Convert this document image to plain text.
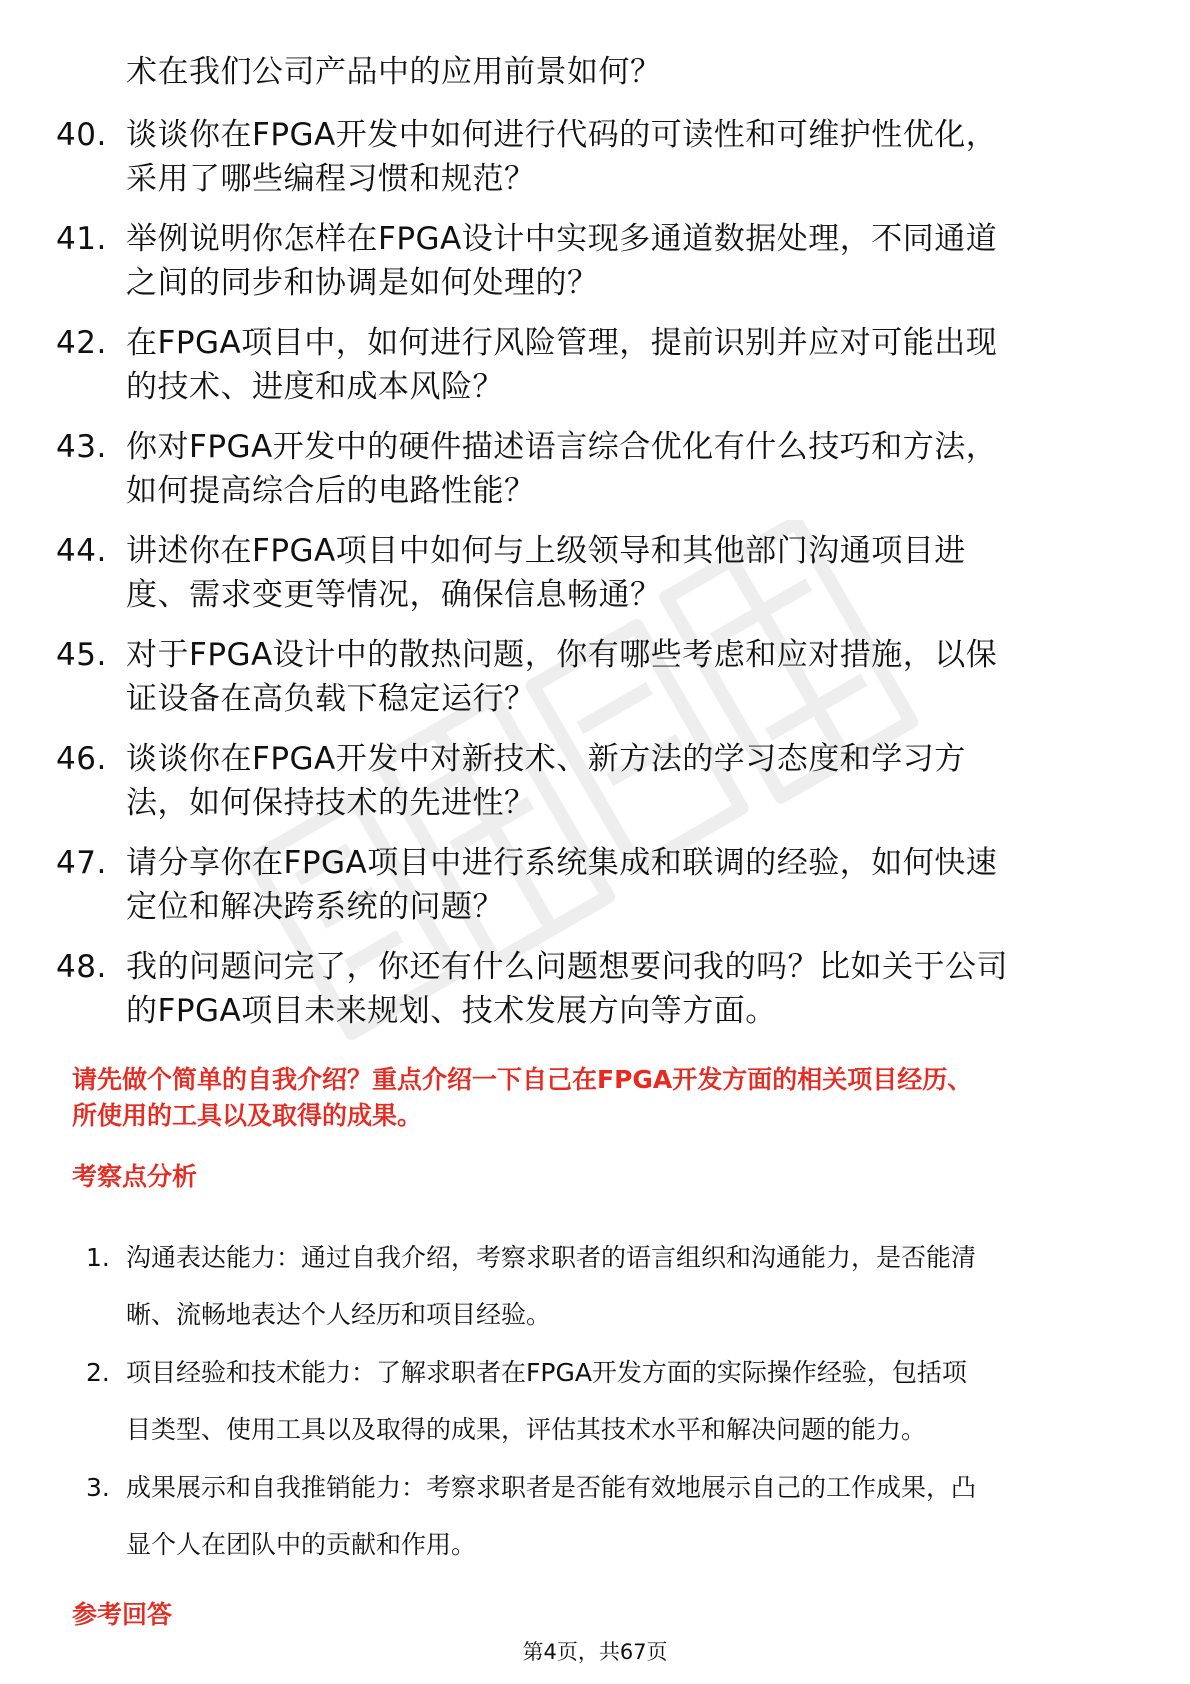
术在我们公司产品中的应用前景如何？
40. 谈谈你在FPGA开发中如何进行代码的可读性和可维护性优化，
采用了哪些编程习惯和规范？
41. 举例说明你怎样在FPGA设计中实现多通道数据处理，不同通道
之间的同步和协调是如何处理的？
42. 在FPGA项目中，如何进行风险管理，提前识别并应对可能出现
的技术、进度和成本风险？
43. 你对FPGA开发中的硬件描述语言综合优化有什么技巧和方法，
如何提高综合后的电路性能？
44. 讲述你在FPGA项目中如何与上级领导和其他部门沟通项目进
度、需求变更等情况，确保信息畅通？
45. 对于FPGA设计中的散热问题，你有哪些考虑和应对措施，以保
证设备在高负载下稳定运行？
46. 谈谈你在FPGA开发中对新技术、新方法的学习态度和学习方
法，如何保持技术的先进性？
47. 请分享你在FPGA项目中进行系统集成和联调的经验，如何快速
定位和解决跨系统的问题？
48. 我的问题问完了，你还有什么问题想要问我的吗？比如关于公司
的FPGA项目未来规划、技术发展方向等方面。
请先做个简单的自我介绍？重点介绍一下自己在FPGA开发方面的相关项目经历、
所使用的工具以及取得的成果。
考察点分析
1. 沟通表达能力：通过自我介绍，考察求职者的语言组织和沟通能力，是否能清
晰、流畅地表达个人经历和项目经验。
2. 项目经验和技术能力：了解求职者在FPGA开发方面的实际操作经验，包括项
目类型、使用工具以及取得的成果，评估其技术水平和解决问题的能力。
3. 成果展示和自我推销能力：考察求职者是否能有效地展示自己的工作成果，凸
显个人在团队中的贡献和作用。
参考回答
第4页，共67页
